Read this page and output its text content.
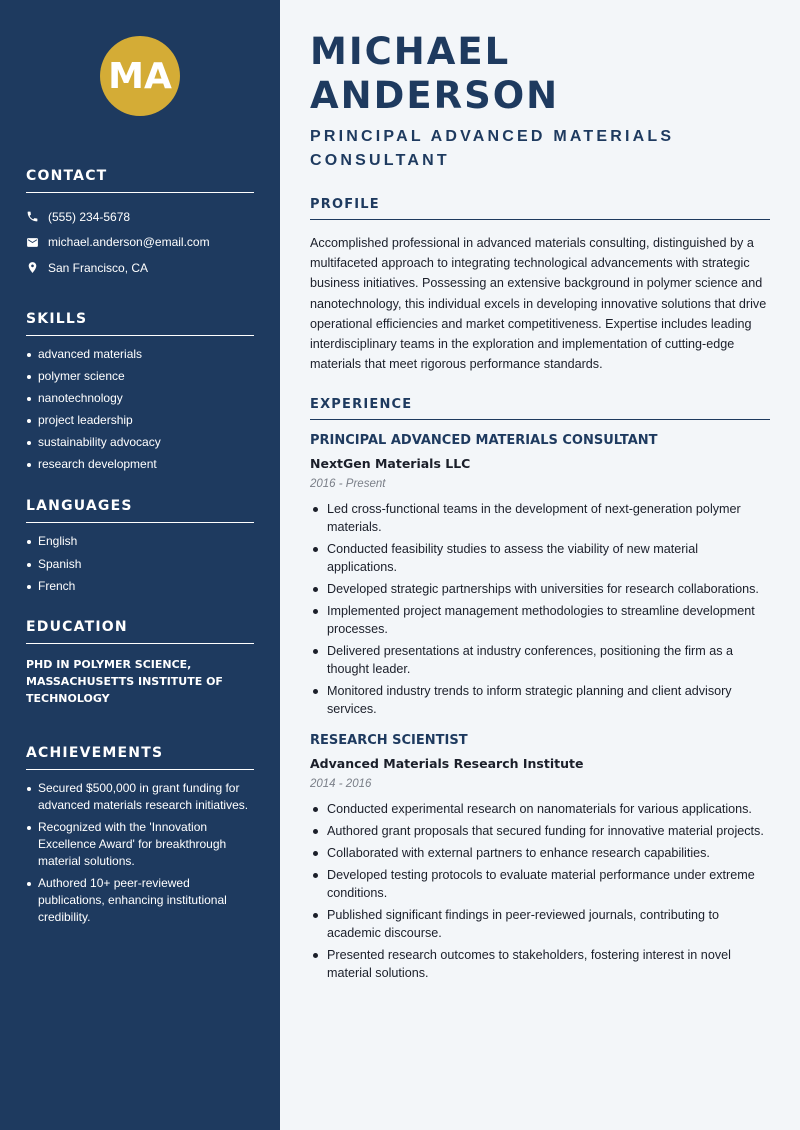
MA
CONTACT
(555) 234-5678
michael.anderson@email.com
San Francisco, CA
SKILLS
advanced materials
polymer science
nanotechnology
project leadership
sustainability advocacy
research development
LANGUAGES
English
Spanish
French
EDUCATION

PHD IN POLYMER SCIENCE, MASSACHUSETTS INSTITUTE OF TECHNOLOGY

ACHIEVEMENTS
Secured $500,000 in grant funding for advanced materials research initiatives.
Recognized with the 'Innovation Excellence Award' for breakthrough material solutions.
Authored 10+ peer-reviewed publications, enhancing institutional credibility.
MICHAEL ANDERSON
PRINCIPAL ADVANCED MATERIALS CONSULTANT
PROFILE

Accomplished professional in advanced materials consulting, distinguished by a multifaceted approach to integrating technological advancements with strategic business initiatives. Possessing an extensive background in polymer science and nanotechnology, this individual excels in developing innovative solutions that drive operational efficiencies and market competitiveness. Expertise includes leading interdisciplinary teams in the exploration and implementation of cutting-edge materials that meet rigorous performance standards.

EXPERIENCE
PRINCIPAL ADVANCED MATERIALS CONSULTANT
NextGen Materials LLC
2016 - Present
Led cross-functional teams in the development of next-generation polymer materials.
Conducted feasibility studies to assess the viability of new material applications.
Developed strategic partnerships with universities for research collaborations.
Implemented project management methodologies to streamline development processes.
Delivered presentations at industry conferences, positioning the firm as a thought leader.
Monitored industry trends to inform strategic planning and client advisory services.
RESEARCH SCIENTIST
Advanced Materials Research Institute
2014 - 2016
Conducted experimental research on nanomaterials for various applications.
Authored grant proposals that secured funding for innovative material projects.
Collaborated with external partners to enhance research capabilities.
Developed testing protocols to evaluate material performance under extreme conditions.
Published significant findings in peer-reviewed journals, contributing to academic discourse.
Presented research outcomes to stakeholders, fostering interest in novel material solutions.
